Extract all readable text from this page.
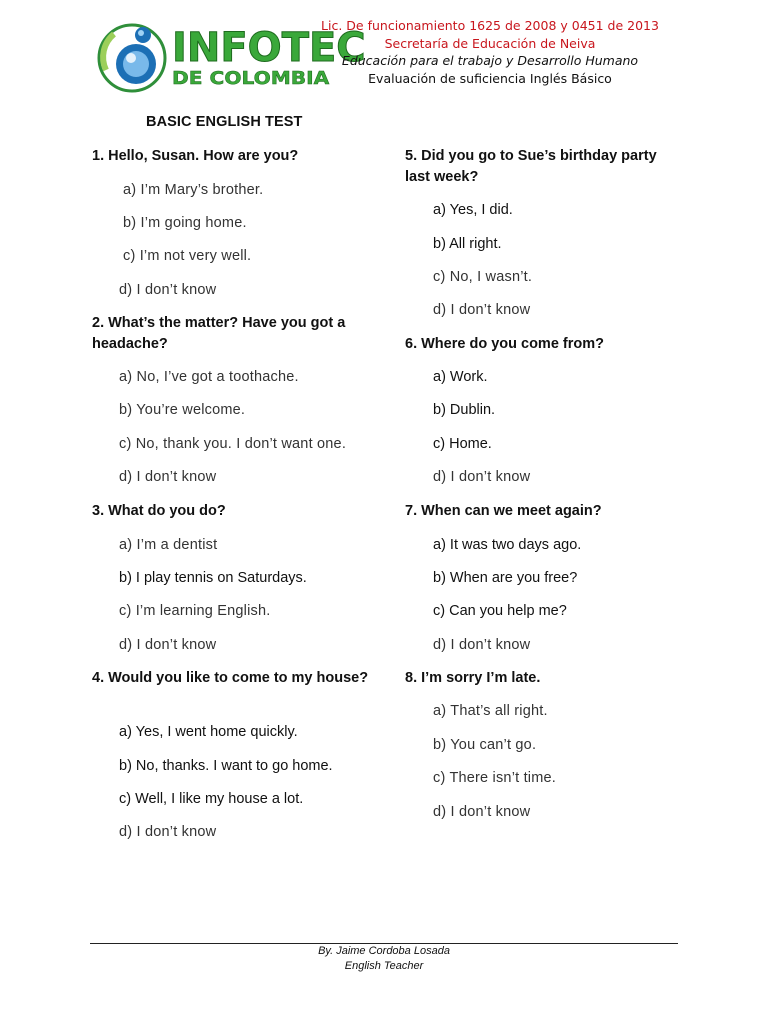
INFOTEC
DE COLOMBIA
Lic. De funcionamiento 1625 de 2008 y 0451 de 2013
Secretaría de Educación de Neiva
Educación para el trabajo y Desarrollo Humano
Evaluación de suficiencia Inglés Básico
BASIC ENGLISH TEST
1. Hello, Susan. How are you?
a) I’m Mary’s brother.
b) I’m going home.
c) I’m not very well.
d) I don’t know
2. What’s the matter? Have you got a headache?
a) No, I’ve got a toothache.
b) You’re welcome.
c) No, thank you. I don’t want one.
d) I don’t know
3. What do you do?
a) I’m a dentist
b) I play tennis on Saturdays.
c) I’m learning English.
d) I don’t know
4. Would you like to come to my house?
a) Yes, I went home quickly.
b) No, thanks. I want to go home.
c) Well, I like my house a lot.
d) I don’t know
5. Did you go to Sue’s birthday party last week?
a) Yes, I did.
b) All right.
c) No, I wasn’t.
d) I don’t know
6. Where do you come from?
a) Work.
b) Dublin.
c) Home.
d) I don’t know
7. When can we meet again?
a) It was two days ago.
b) When are you free?
c) Can you help me?
d) I don’t know
8. I’m sorry I’m late.
a) That’s all right.
b) You can’t go.
c) There isn’t time.
d) I don’t know
By. Jaime Cordoba Losada
English Teacher
